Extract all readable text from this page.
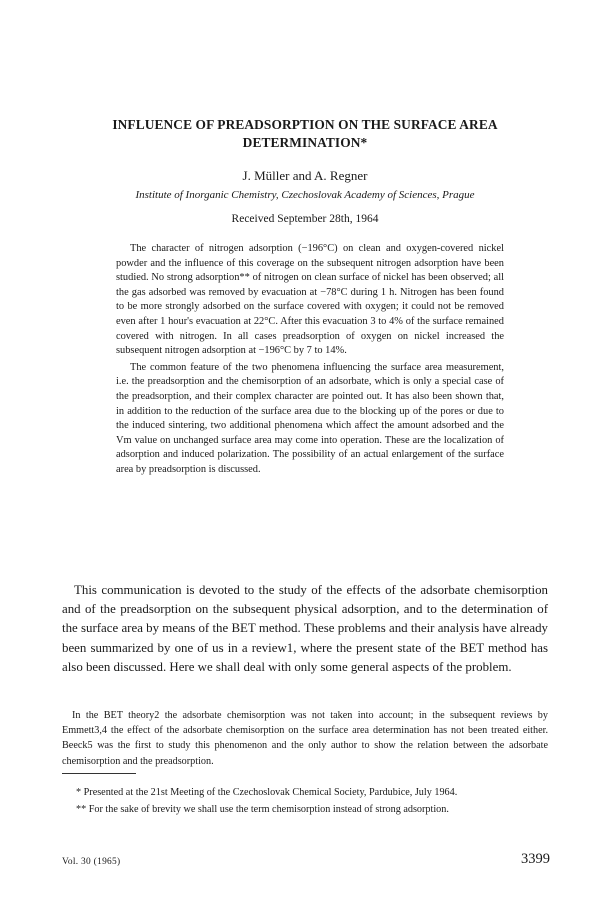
INFLUENCE OF PREADSORPTION ON THE SURFACE AREA DETERMINATION*
J. Müller and A. Regner
Institute of Inorganic Chemistry, Czechoslovak Academy of Sciences, Prague
Received September 28th, 1964

The character of nitrogen adsorption (−196°C) on clean and oxygen-covered nickel powder and the influence of this coverage on the subsequent nitrogen adsorption have been studied. No strong adsorption** of nitrogen on clean surface of nickel has been observed; all the gas adsorbed was removed by evacuation at −78°C during 1 h. Nitrogen has been found to be more strongly adsorbed on the surface covered with oxygen; it could not be removed even after 1 hour's evacuation at 22°C. After this evacuation 3 to 4% of the surface remained covered with nitrogen. In all cases preadsorption of oxygen on nickel increased the subsequent nitrogen adsorption at −196°C by 7 to 14%.

The common feature of the two phenomena influencing the surface area measurement, i.e. the preadsorption and the chemisorption of an adsorbate, which is only a special case of the preadsorption, and their complex character are pointed out. It has also been shown that, in addition to the reduction of the surface area due to the blocking up of the pores or due to the induced sintering, two additional phenomena which affect the amount adsorbed and the Vm value on unchanged surface area may come into operation. These are the localization of adsorption and induced polarization. The possibility of an actual enlargement of the surface area by preadsorption is discussed.

This communication is devoted to the study of the effects of the adsorbate chemisorption and of the preadsorption on the subsequent physical adsorption, and to the determination of the surface area by means of the BET method. These problems and their analysis have already been summarized by one of us in a review1, where the present state of the BET method has also been discussed. Here we shall deal with only some general aspects of the problem.

In the BET theory2 the adsorbate chemisorption was not taken into account; in the subsequent reviews by Emmett3,4 the effect of the adsorbate chemisorption on the surface area determination has not been treated either. Beeck5 was the first to study this phenomenon and the only author to show the relation between the adsorbate chemisorption and the preadsorption.

* Presented at the 21st Meeting of the Czechoslovak Chemical Society, Pardubice, July 1964.

** For the sake of brevity we shall use the term chemisorption instead of strong adsorption.

Vol. 30 (1965)	3399
